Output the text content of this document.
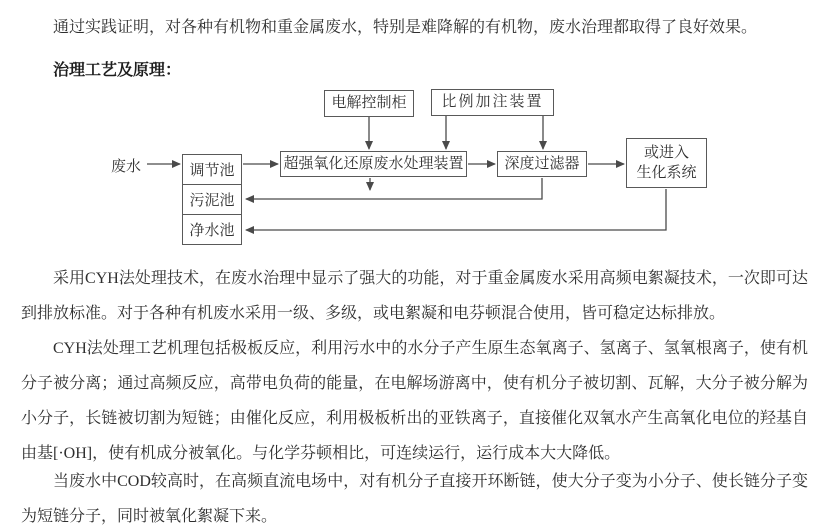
通过实践证明，对各种有机物和重金属废水，特别是难降解的有机物，废水治理都取得了良好效果。

治理工艺及原理：

废水	调节池
污泥池
净水池
电解控制柜	比例加注装置
超强氧化还原废水处理装置	深度过滤器
或进入
生化系统

采用CYH法处理技术，在废水治理中显示了强大的功能，对于重金属废水采用高频电絮凝技术，一次即可达到排放标准。对于各种有机废水采用一级、多级，或电絮凝和电芬顿混合使用，皆可稳定达标排放。

CYH法处理工艺机理包括极板反应，利用污水中的水分子产生原生态氧离子、氢离子、氢氧根离子，使有机分子被分离；通过高频反应，高带电负荷的能量，在电解场游离中，使有机分子被切割、瓦解，大分子被分解为小分子，长链被切割为短链；由催化反应，利用极板析出的亚铁离子，直接催化双氧水产生高氧化电位的羟基自由基[·OH]，使有机成分被氧化。与化学芬顿相比，可连续运行，运行成本大大降低。

当废水中COD较高时，在高频直流电场中，对有机分子直接开环断链，使大分子变为小分子、使长链分子变为短链分子，同时被氧化絮凝下来。
